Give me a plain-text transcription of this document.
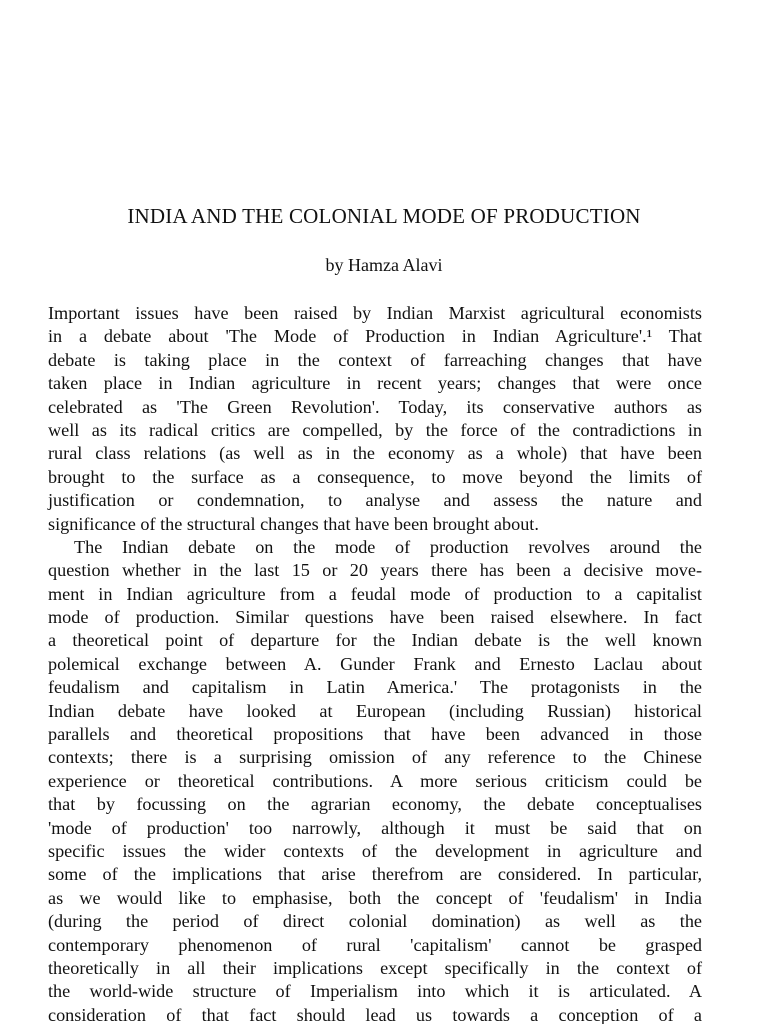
INDIA AND THE COLONIAL MODE OF PRODUCTION
by Hamza Alavi
Important issues have been raised by Indian Marxist agricultural economists
in a debate about 'The Mode of Production in Indian Agriculture'.¹ That
debate is taking place in the context of farreaching changes that have
taken place in Indian agriculture in recent years; changes that were once
celebrated as 'The Green Revolution'. Today, its conservative authors as
well as its radical critics are compelled, by the force of the contradictions in
rural class relations (as well as in the economy as a whole) that have been
brought to the surface as a consequence, to move beyond the limits of
justification or condemnation, to analyse and assess the nature and
significance of the structural changes that have been brought about.
The Indian debate on the mode of production revolves around the
question whether in the last 15 or 20 years there has been a decisive move-
ment in Indian agriculture from a feudal mode of production to a capitalist
mode of production. Similar questions have been raised elsewhere. In fact
a theoretical point of departure for the Indian debate is the well known
polemical exchange between A. Gunder Frank and Ernesto Laclau about
feudalism and capitalism in Latin America.' The protagonists in the
Indian debate have looked at European (including Russian) historical
parallels and theoretical propositions that have been advanced in those
contexts; there is a surprising omission of any reference to the Chinese
experience or theoretical contributions. A more serious criticism could be
that by focussing on the agrarian economy, the debate conceptualises
'mode of production' too narrowly, although it must be said that on
specific issues the wider contexts of the development in agriculture and
some of the implications that arise therefrom are considered. In particular,
as we would like to emphasise, both the concept of 'feudalism' in India
(during the period of direct colonial domination) as well as the
contemporary phenomenon of rural 'capitalism' cannot be grasped
theoretically in all their implications except specifically in the context of
the world-wide structure of Imperialism into which it is articulated. A
consideration of that fact should lead us towards a conception of a
